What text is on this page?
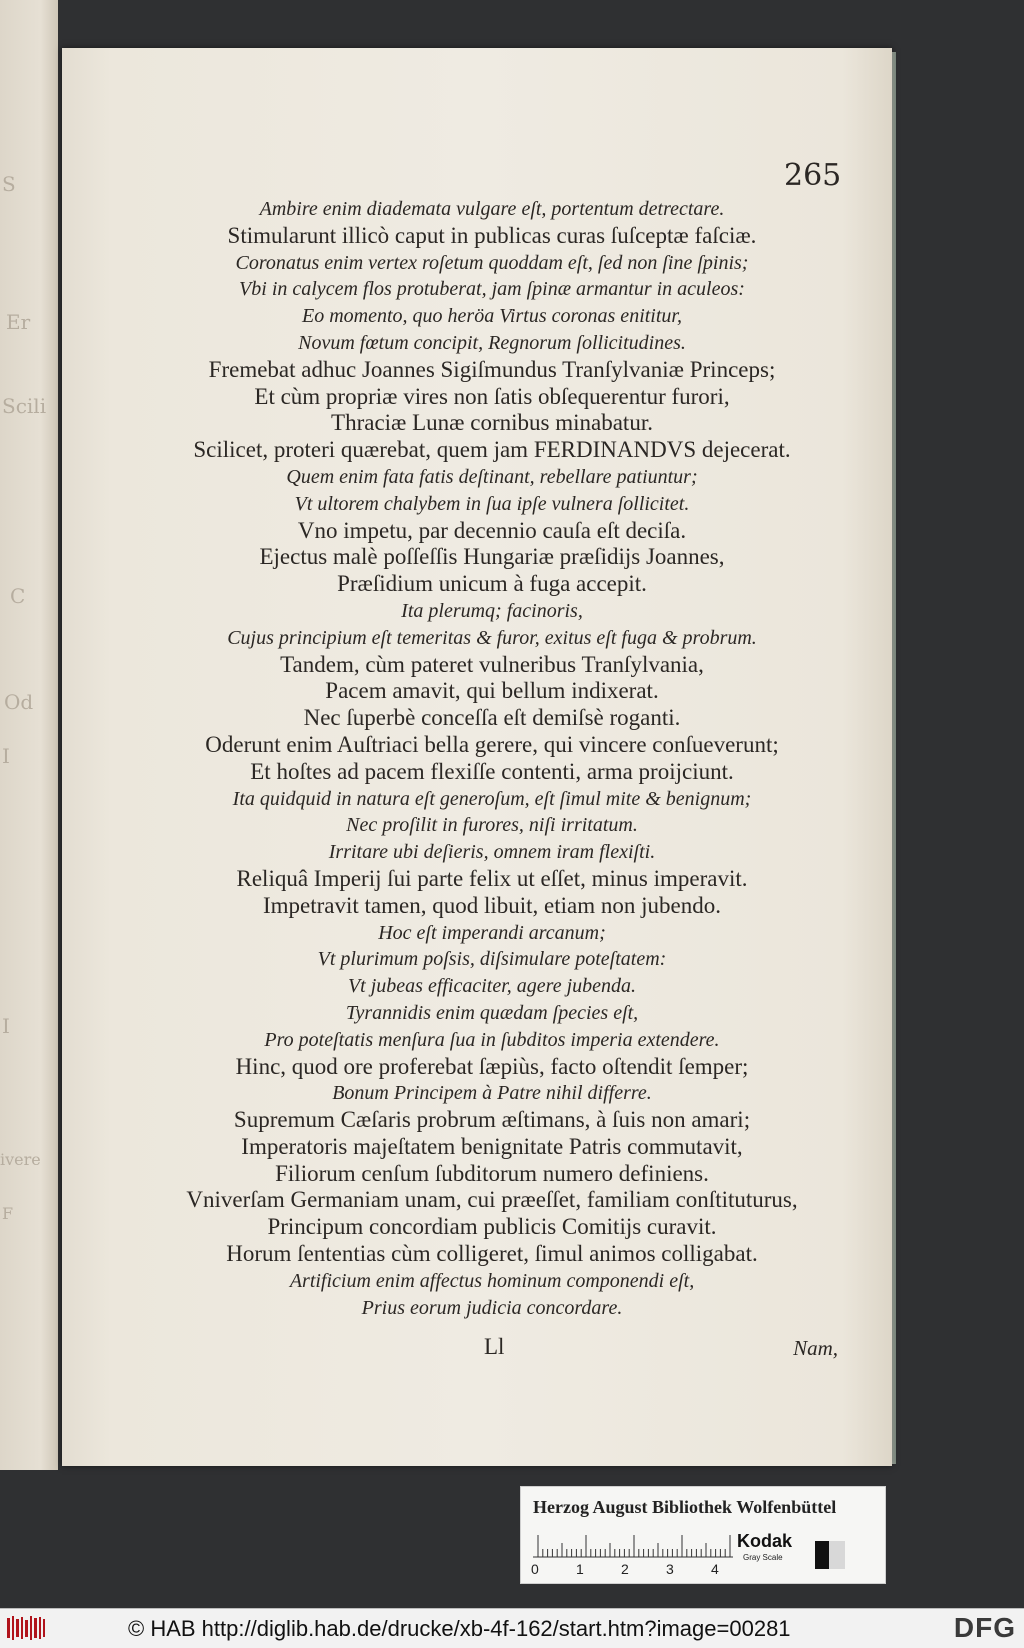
S
Er
Scili
C
Od
I
I
ivere
F
265
Ambire enim diademata vulgare eſt, portentum detrectare.
Stimularunt illicò caput in publicas curas ſuſceptæ faſciæ.
Coronatus enim vertex roſetum quoddam eſt, ſed non ſine ſpinis;
Vbi in calycem flos protuberat, jam ſpinæ armantur in aculeos:
Eo momento, quo heröa Virtus coronas enititur,
Novum fœtum concipit, Regnorum ſollicitudines.
Fremebat adhuc Joannes Sigiſmundus Tranſylvaniæ Princeps;
Et cùm propriæ vires non ſatis obſequerentur furori,
Thraciæ Lunæ cornibus minabatur.
Scilicet, proteri quærebat, quem jam FERDINANDVS dejecerat.
Quem enim fata fatis deſtinant, rebellare patiuntur;
Vt ultorem chalybem in ſua ipſe vulnera ſollicitet.
Vno impetu, par decennio cauſa eſt deciſa.
Ejectus malè poſſeſſis Hungariæ præſidijs Joannes,
Præſidium unicum à fuga accepit.
Ita plerumq; facinoris,
Cujus principium eſt temeritas & furor, exitus eſt fuga & probrum.
Tandem, cùm pateret vulneribus Tranſylvania,
Pacem amavit, qui bellum indixerat.
Nec ſuperbè conceſſa eſt demiſsè roganti.
Oderunt enim Auſtriaci bella gerere, qui vincere conſueverunt;
Et hoſtes ad pacem flexiſſe contenti, arma proijciunt.
Ita quidquid in natura eſt generoſum, eſt ſimul mite & benignum;
Nec proſilit in furores, niſi irritatum.
Irritare ubi deſieris, omnem iram flexiſti.
Reliquâ Imperij ſui parte felix ut eſſet, minus imperavit.
Impetravit tamen, quod libuit, etiam non jubendo.
Hoc eſt imperandi arcanum;
Vt plurimum poſsis, diſsimulare poteſtatem:
Vt jubeas efficaciter, agere jubenda.
Tyrannidis enim quædam ſpecies eſt,
Pro poteſtatis menſura ſua in ſubditos imperia extendere.
Hinc, quod ore proferebat ſæpiùs, facto oſtendit ſemper;
Bonum Principem à Patre nihil differre.
Supremum Cæſaris probrum æſtimans, à ſuis non amari;
Imperatoris majeſtatem benignitate Patris commutavit,
Filiorum cenſum ſubditorum numero definiens.
Vniverſam Germaniam unam, cui præeſſet, familiam conſtituturus,
Principum concordiam publicis Comitijs curavit.
Horum ſententias cùm colligeret, ſimul animos colligabat.
Artificium enim affectus hominum componendi eſt,
Prius eorum judicia concordare.
Ll	Nam,
Herzog August Bibliothek Wolfenbüttel
0	1	2	3	4
Kodak
Gray Scale
© HAB http://diglib.hab.de/drucke/xb-4f-162/start.htm?image=00281	DFG
